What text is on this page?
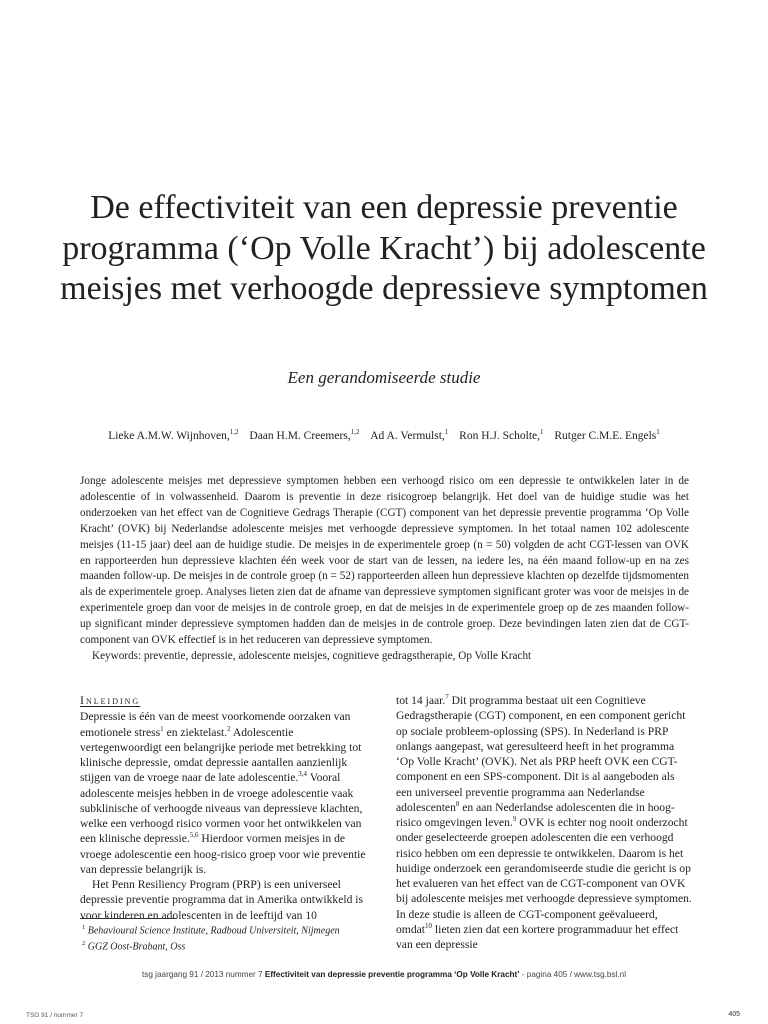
De effectiviteit van een depressie preventie programma (‘Op Volle Kracht’) bij adolescente meisjes met verhoogde depressieve symptomen
Een gerandomiseerde studie
Lieke A.M.W. Wijnhoven,$^{1,2}$ Daan H.M. Creemers,$^{1,2}$ Ad A. Vermulst,$^1$ Ron H.J. Scholte,$^1$ Rutger C.M.E. Engels$^1$

Jonge adolescente meisjes met depressieve symptomen hebben een verhoogd risico om een depressie te ontwikkelen later in de adolescentie of in volwassenheid. Daarom is preventie in deze risicogroep belangrijk. Het doel van de huidige studie was het onderzoeken van het effect van de Cognitieve Gedrags Therapie (CGT) component van het depressie preventie programma ‘Op Volle Kracht’ (OVK) bij Nederlandse adolescente meisjes met verhoogde depressieve symptomen. In het totaal namen 102 adolescente meisjes (11-15 jaar) deel aan de huidige studie. De meisjes in de experimentele groep (n = 50) volgden de acht CGT-lessen van OVK en rapporteerden hun depressieve klachten één week voor de start van de lessen, na iedere les, na één maand follow-up en na zes maanden follow-up. De meisjes in de controle groep (n = 52) rapporteerden alleen hun depressieve klachten op dezelfde tijdsmomenten als de experimentele groep. Analyses lieten zien dat de afname van depressieve symptomen significant groter was voor de meisjes in de experimentele groep dan voor de meisjes in de controle groep, en dat de meisjes in de experimentele groep op de zes maanden follow-up significant minder depressieve symptomen hadden dan de meisjes in de controle groep. Deze bevindingen laten zien dat de CGT-component van OVK effectief is in het reduceren van depressieve symptomen.

Keywords: preventie, depressie, adolescente meisjes, cognitieve gedragstherapie, Op Volle Kracht

Inleiding

Depressie is één van de meest voorkomende oorzaken van emotionele stress$^1$ en ziektelast.$^2$ Adolescentie vertegenwoordigt een belangrijke periode met betrekking tot klinische depressie, omdat depressie aantallen aanzienlijk stijgen van de vroege naar de late adolescentie.$^{3,4}$ Vooral adolescente meisjes hebben in de vroege adolescentie vaak subklinische of verhoogde niveaus van depressieve klachten, welke een verhoogd risico vormen voor het ontwikkelen van een klinische depressie.$^{5,6}$ Hierdoor vormen meisjes in de vroege adolescentie een hoog-risico groep voor wie preventie van depressie belangrijk is.

Het Penn Resiliency Program (PRP) is een universeel depressie preventie programma dat in Amerika ontwikkeld is voor kinderen en adolescenten in de leeftijd van 10

tot 14 jaar.$^7$ Dit programma bestaat uit een Cognitieve Gedragstherapie (CGT) component, en een component gericht op sociale probleem-oplossing (SPS). In Nederland is PRP onlangs aangepast, wat geresulteerd heeft in het programma ‘Op Volle Kracht’ (OVK). Net als PRP heeft OVK een CGT-component en een SPS-component. Dit is al aangeboden als een universeel preventie programma aan Nederlandse adolescenten$^8$ en aan Nederlandse adolescenten die in hoog-risico omgevingen leven.$^9$ OVK is echter nog nooit onderzocht onder geselecteerde groepen adolescenten die een verhoogd risico hebben om een depressie te ontwikkelen. Daarom is het huidige onderzoek een gerandomiseerde studie die gericht is op het evalueren van het effect van de CGT-component van OVK bij adolescente meisjes met verhoogde depressieve symptomen. In deze studie is alleen de CGT-component geëvalueerd, omdat$^{10}$ lieten zien dat een kortere programmaduur het effect van een depressie

$^1$ Behavioural Science Institute, Radboud Universiteit, Nijmegen
$^2$ GGZ Oost-Brabant, Oss
tsg jaargang 91 / 2013 nummer 7 Effectiviteit van depressie preventie programma ‘Op Volle Kracht’ - pagina 405 / www.tsg.bsl.nl
TSG 91 / nummer 7	405
